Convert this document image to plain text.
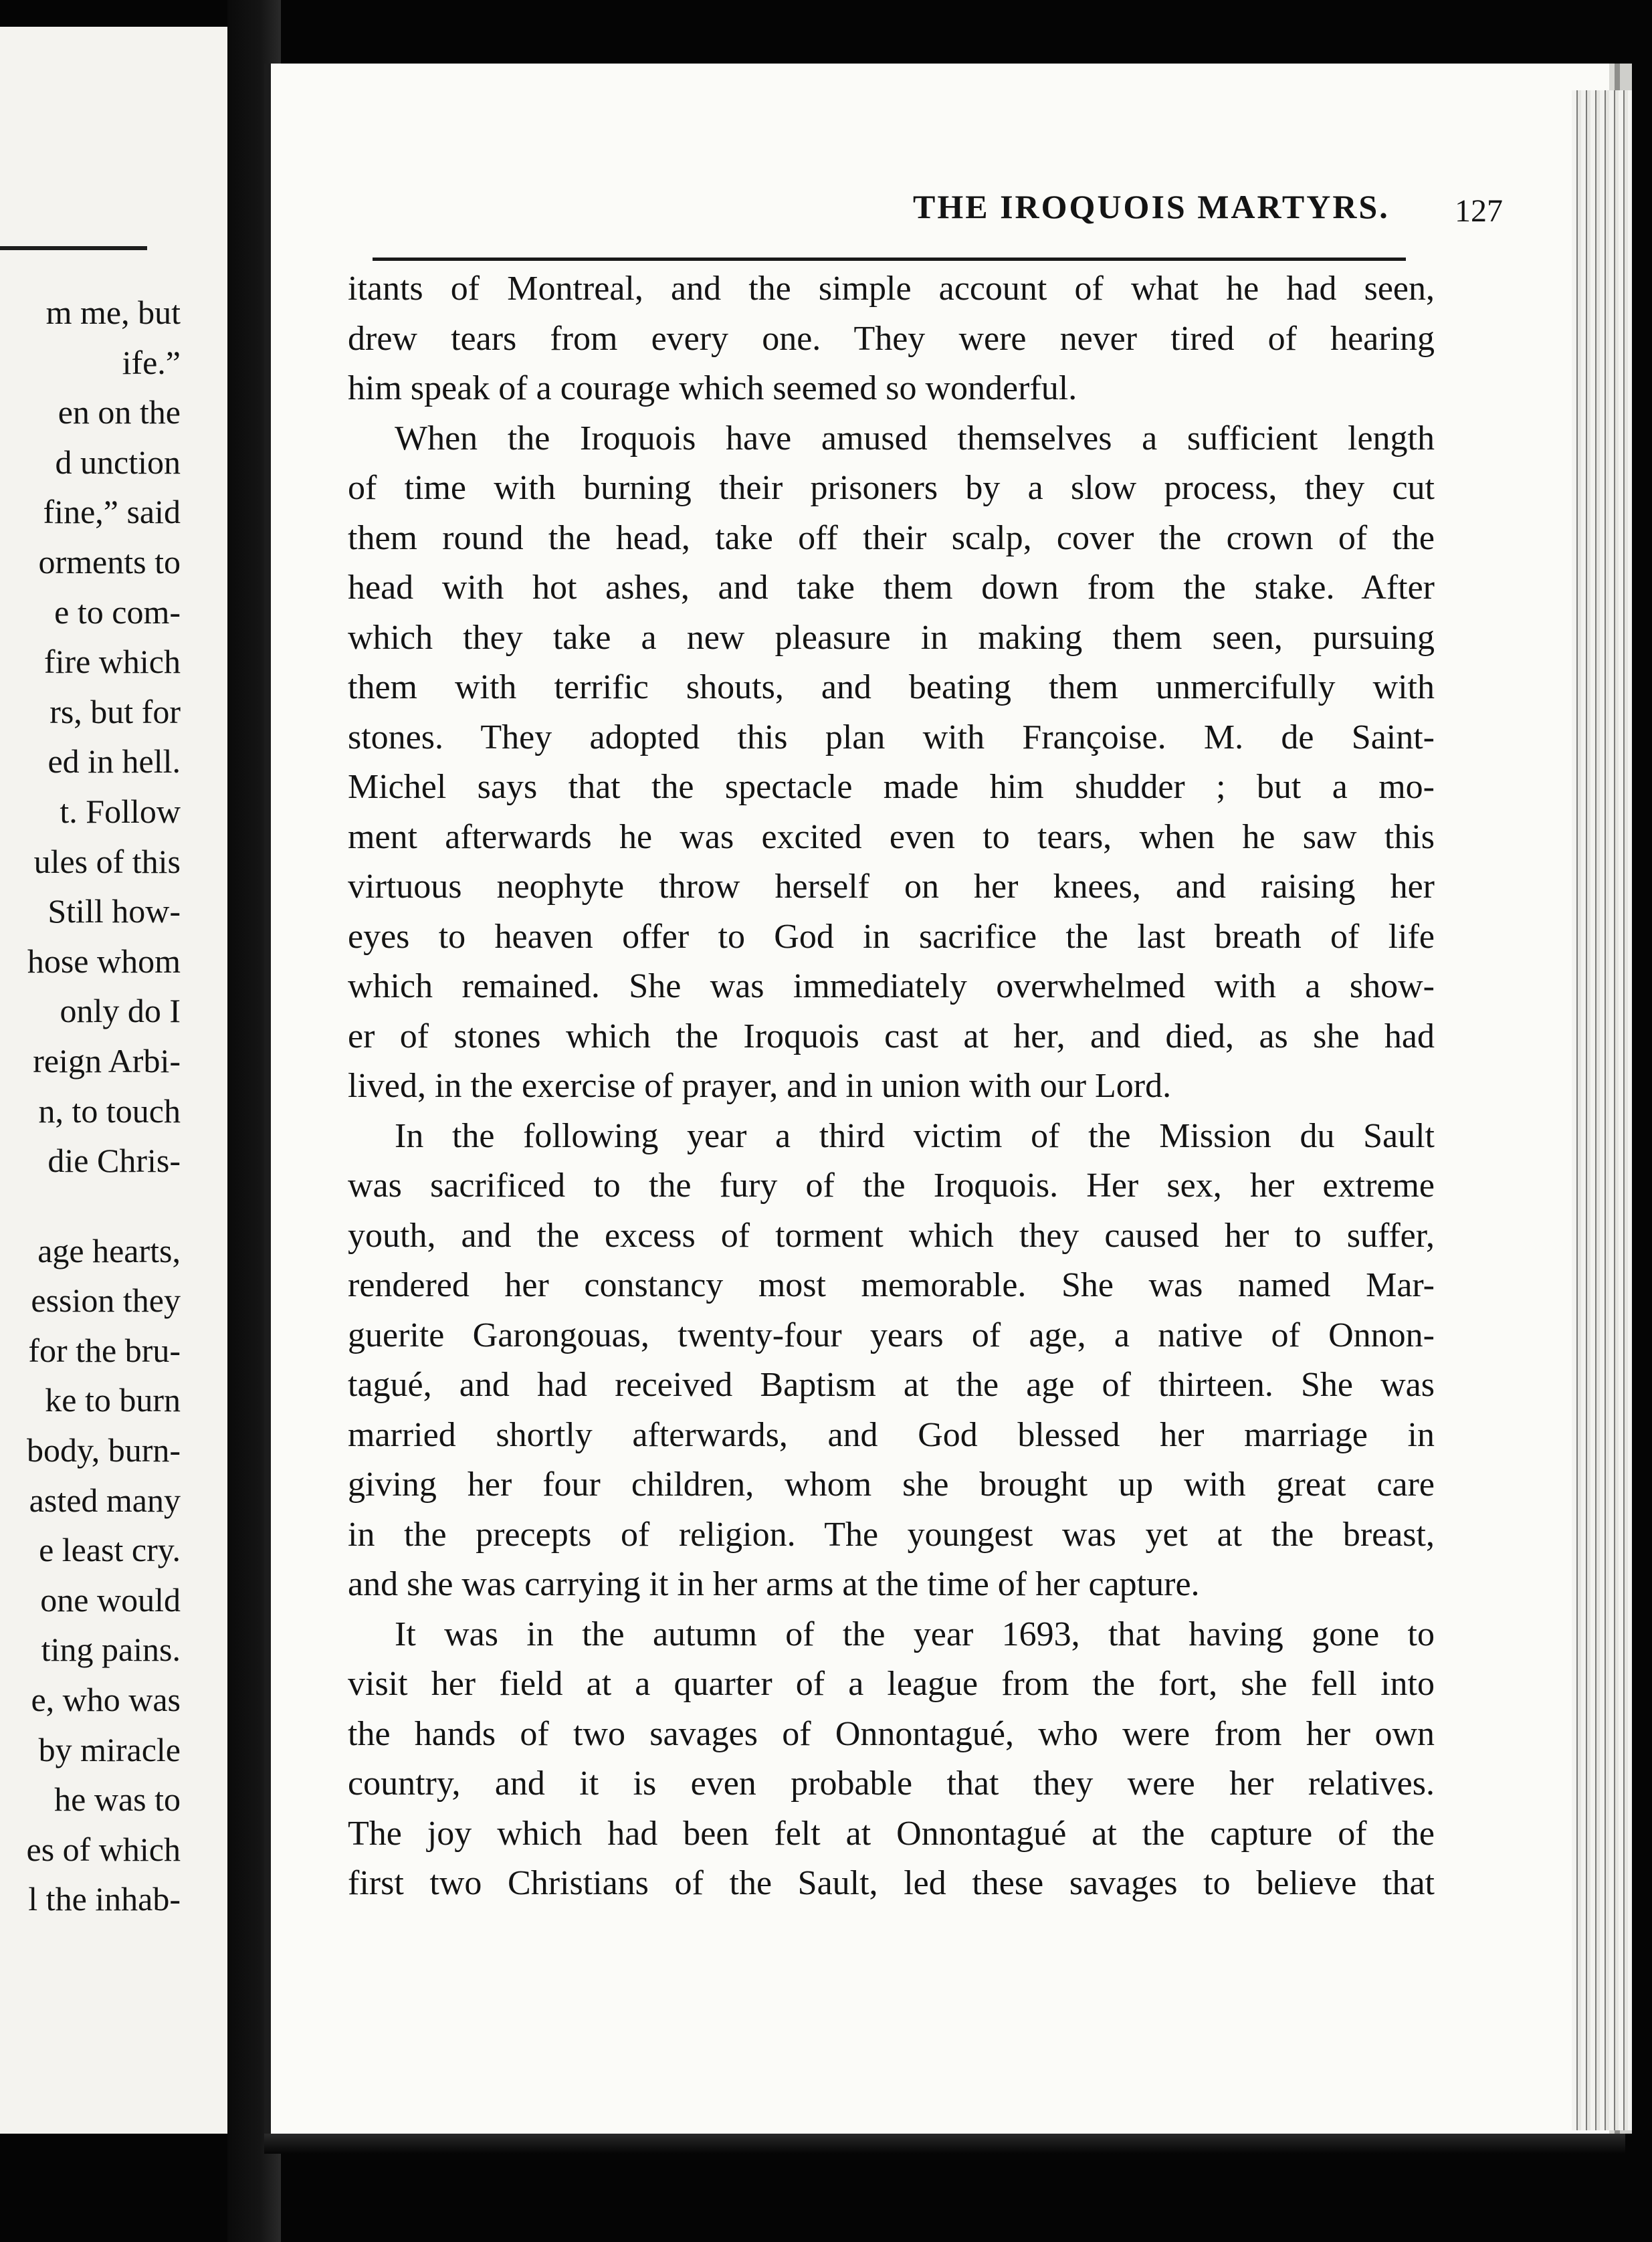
m me, but
ife.”
en on the
d unction
fine,” said
orments to
e to com-
fire which
rs, but for
ed in hell.
t. Follow
ules of this
Still how-
hose whom
only do I
reign Arbi-
n, to touch
die Chris-
age hearts,
ession they
for the bru-
ke to burn
body, burn-
asted many
e least cry.
one would
ting pains.
e, who was
by miracle
he was to
es of which
l the inhab-
THE IROQUOIS MARTYRS. 127
itants of Montreal, and the simple account of what he had seen,
drew tears from every one. They were never tired of hearing
him speak of a courage which seemed so wonderful.
When the Iroquois have amused themselves a sufficient length
of time with burning their prisoners by a slow process, they cut
them round the head, take off their scalp, cover the crown of the
head with hot ashes, and take them down from the stake. After
which they take a new pleasure in making them seen, pursuing
them with terrific shouts, and beating them unmercifully with
stones. They adopted this plan with Françoise. M. de Saint-
Michel says that the spectacle made him shudder ; but a mo-
ment afterwards he was excited even to tears, when he saw this
virtuous neophyte throw herself on her knees, and raising her
eyes to heaven offer to God in sacrifice the last breath of life
which remained. She was immediately overwhelmed with a show-
er of stones which the Iroquois cast at her, and died, as she had
lived, in the exercise of prayer, and in union with our Lord.
In the following year a third victim of the Mission du Sault
was sacrificed to the fury of the Iroquois. Her sex, her extreme
youth, and the excess of torment which they caused her to suffer,
rendered her constancy most memorable. She was named Mar-
guerite Garongouas, twenty-four years of age, a native of Onnon-
tagué, and had received Baptism at the age of thirteen. She was
married shortly afterwards, and God blessed her marriage in
giving her four children, whom she brought up with great care
in the precepts of religion. The youngest was yet at the breast,
and she was carrying it in her arms at the time of her capture.
It was in the autumn of the year 1693, that having gone to
visit her field at a quarter of a league from the fort, she fell into
the hands of two savages of Onnontagué, who were from her own
country, and it is even probable that they were her relatives.
The joy which had been felt at Onnontagué at the capture of the
first two Christians of the Sault, led these savages to believe that
